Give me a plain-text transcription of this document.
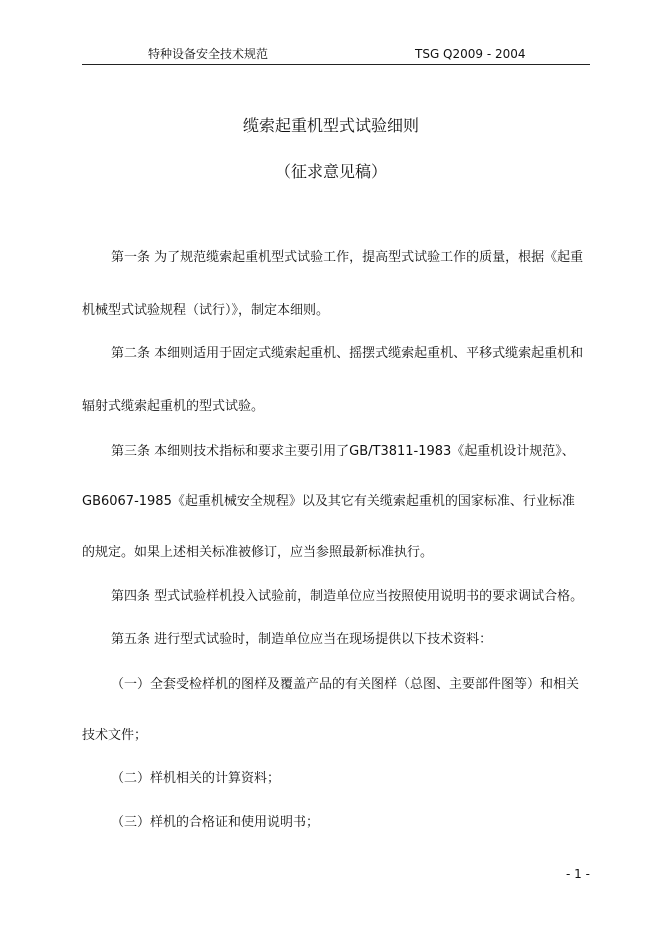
特种设备安全技术规范	TSG Q2009 - 2004
缆索起重机型式试验细则
（征求意见稿）
第一条 为了规范缆索起重机型式试验工作，提高型式试验工作的质量，根据《起重
机械型式试验规程（试行）》，制定本细则。
第二条 本细则适用于固定式缆索起重机、摇摆式缆索起重机、平移式缆索起重机和
辐射式缆索起重机的型式试验。
第三条 本细则技术指标和要求主要引用了GB/T3811-1983《起重机设计规范》、
GB6067-1985《起重机械安全规程》以及其它有关缆索起重机的国家标准、行业标准
的规定。如果上述相关标准被修订，应当参照最新标准执行。
第四条 型式试验样机投入试验前，制造单位应当按照使用说明书的要求调试合格。
第五条 进行型式试验时，制造单位应当在现场提供以下技术资料：
（一）全套受检样机的图样及覆盖产品的有关图样（总图、主要部件图等）和相关
技术文件；
（二）样机相关的计算资料；
（三）样机的合格证和使用说明书；
- 1 -
